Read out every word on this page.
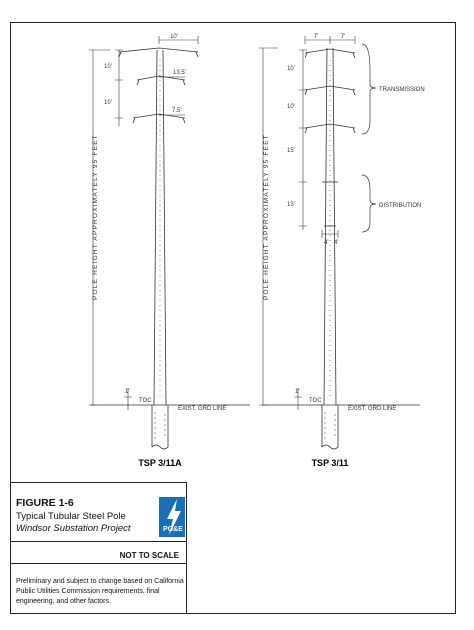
10'
10'
10'
13.5'
7.5'
1'
TOC
EXIST. GRD LINE
POLE HEIGHT APPROXIMATELY 95 FEET
TSP 3/11A
7'	7'
10'
10'
15'
13'
4' 4'
TRANSMISSION
DISTRIBUTION
1'
TOC
EXIST. GRD LINE
POLE HEIGHT APPROXIMATELY 95 FEET
TSP 3/11
FIGURE 1-6
Typical Tubular Steel Pole
Windsor Substation Project	PG&E
NOT TO SCALE
Preliminary and subject to change based on California Public Utilities Commission requirements, final engineering, and other factors.
